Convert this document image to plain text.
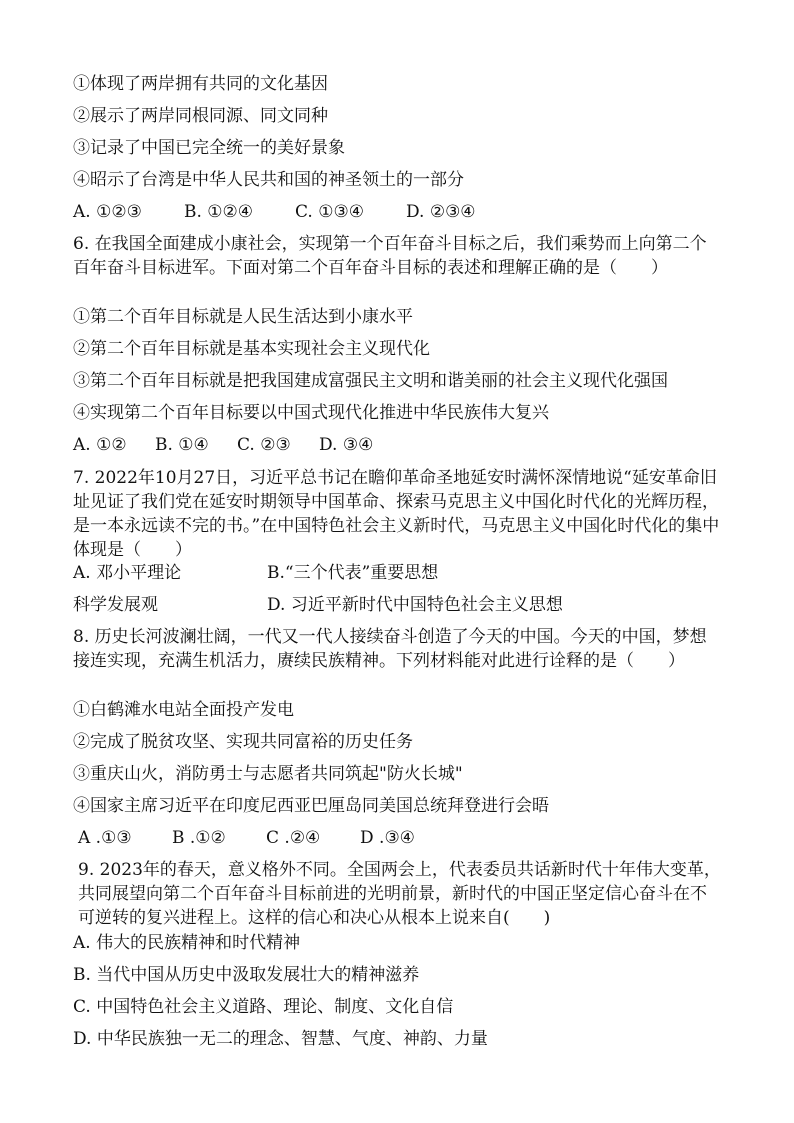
①体现了两岸拥有共同的文化基因
②展示了两岸同根同源、同文同种
③记录了中国已完全统一的美好景象
④昭示了台湾是中华人民共和国的神圣领土的一部分
A. ①②③ B. ①②④ C. ①③④ D. ②③④
6. 在我国全面建成小康社会，实现第一个百年奋斗目标之后，我们乘势而上向第二个百年奋斗目标进军。下面对第二个百年奋斗目标的表述和理解正确的是（　　）
①第二个百年目标就是人民生活达到小康水平
②第二个百年目标就是基本实现社会主义现代化
③第二个百年目标就是把我国建成富强民主文明和谐美丽的社会主义现代化强国
④实现第二个百年目标要以中国式现代化推进中华民族伟大复兴
A. ①② B. ①④ C. ②③ D. ③④
7. 2022年10月27日，习近平总书记在瞻仰革命圣地延安时满怀深情地说“延安革命旧址见证了我们党在延安时期领导中国革命、探索马克思主义中国化时代化的光辉历程，是一本永远读不完的书。”在中国特色社会主义新时代，马克思主义中国化时代化的集中体现是（　　）
A. 邓小平理论	B.“三个代表”重要思想
科学发展观	D. 习近平新时代中国特色社会主义思想
8. 历史长河波澜壮阔，一代又一代人接续奋斗创造了今天的中国。今天的中国，梦想接连实现，充满生机活力，赓续民族精神。下列材料能对此进行诠释的是（　　）
①白鹤滩水电站全面投产发电
②完成了脱贫攻坚、实现共同富裕的历史任务
③重庆山火，消防勇士与志愿者共同筑起"防火长城"
④国家主席习近平在印度尼西亚巴厘岛同美国总统拜登进行会晤
A .①③ B .①② C .②④ D .③④
9. 2023年的春天，意义格外不同。全国两会上，代表委员共话新时代十年伟大变革，共同展望向第二个百年奋斗目标前进的光明前景，新时代的中国正坚定信心奋斗在不可逆转的复兴进程上。这样的信心和决心从根本上说来自(　　)
A. 伟大的民族精神和时代精神
B. 当代中国从历史中汲取发展壮大的精神滋养
C. 中国特色社会主义道路、理论、制度、文化自信
D. 中华民族独一无二的理念、智慧、气度、神韵、力量
